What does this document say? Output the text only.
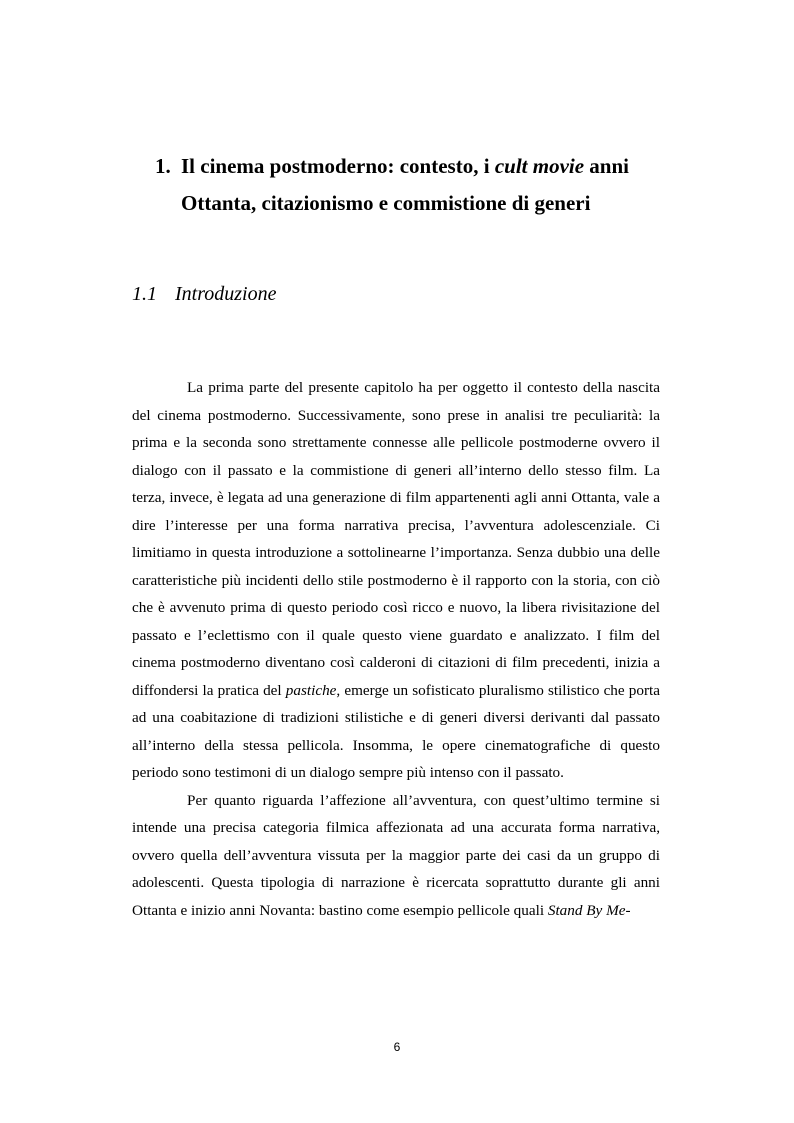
1. Il cinema postmoderno: contesto, i cult movie anni
Ottanta, citazionismo e commistione di generi
1.1 Introduzione

La prima parte del presente capitolo ha per oggetto il contesto della nascita del cinema postmoderno. Successivamente, sono prese in analisi tre peculiarità: la prima e la seconda sono strettamente connesse alle pellicole postmoderne ovvero il dialogo con il passato e la commistione di generi all’interno dello stesso film. La terza, invece, è legata ad una generazione di film appartenenti agli anni Ottanta, vale a dire l’interesse per una forma narrativa precisa, l’avventura adolescenziale. Ci limitiamo in questa introduzione a sottolinearne l’importanza. Senza dubbio una delle caratteristiche più incidenti dello stile postmoderno è il rapporto con la storia, con ciò che è avvenuto prima di questo periodo così ricco e nuovo, la libera rivisitazione del passato e l’eclettismo con il quale questo viene guardato e analizzato. I film del cinema postmoderno diventano così calderoni di citazioni di film precedenti, inizia a diffondersi la pratica del pastiche, emerge un sofisticato pluralismo stilistico che porta ad una coabitazione di tradizioni stilistiche e di generi diversi derivanti dal passato all’interno della stessa pellicola. Insomma, le opere cinematografiche di questo periodo sono testimoni di un dialogo sempre più intenso con il passato.

Per quanto riguarda l’affezione all’avventura, con quest’ultimo termine si intende una precisa categoria filmica affezionata ad una accurata forma narrativa, ovvero quella dell’avventura vissuta per la maggior parte dei casi da un gruppo di adolescenti. Questa tipologia di narrazione è ricercata soprattutto durante gli anni Ottanta e inizio anni Novanta: bastino come esempio pellicole quali Stand By Me-

6
